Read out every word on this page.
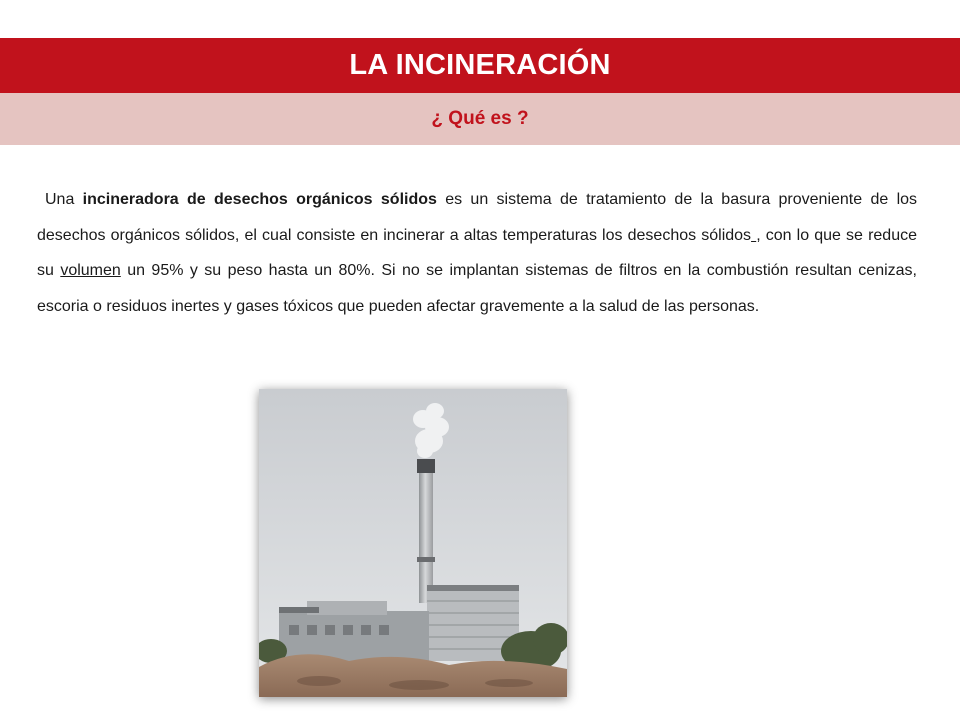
LA INCINERACIÓN
¿ Qué es ?

Una incineradora de desechos orgánicos sólidos es un sistema de tratamiento de la basura proveniente de los desechos orgánicos sólidos, el cual consiste en incinerar a altas temperaturas los desechos sólidos , con lo que se reduce su volumen un 95% y su peso hasta un 80%. Si no se implantan sistemas de filtros en la combustión resultan cenizas, escoria o residuos inertes y gases tóxicos que pueden afectar gravemente a la salud de las personas.
